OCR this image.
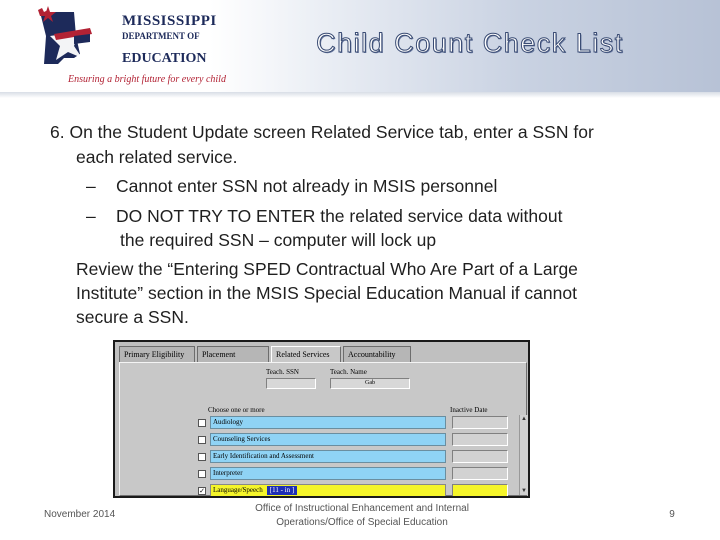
MISSISSIPPI
DEPARTMENT OF
EDUCATION
Ensuring a bright future for every child
Child Count Check List
6. On the Student Update screen Related Service tab, enter a SSN for
each related service.
– Cannot enter SSN not already in MSIS personnel
– DO NOT TRY TO ENTER the related service data without
the required SSN – computer will lock up
Review the “Entering SPED Contractual Who Are Part of a Large
Institute” section in the MSIS Special Education Manual if cannot
secure a SSN.
Primary Eligibility	Placement	Related Services	Accountability
Teach. SSN	Teach. Name
Gab
Choose one or more	Inactive Date
Audiology
Counseling Services
Early Identification and Assessment
Interpreter
✓	Language/Speech [11 - in ]
▲
▼
November 2014
Office of Instructional Enhancement and Internal Operations/Office of Special Education
9
